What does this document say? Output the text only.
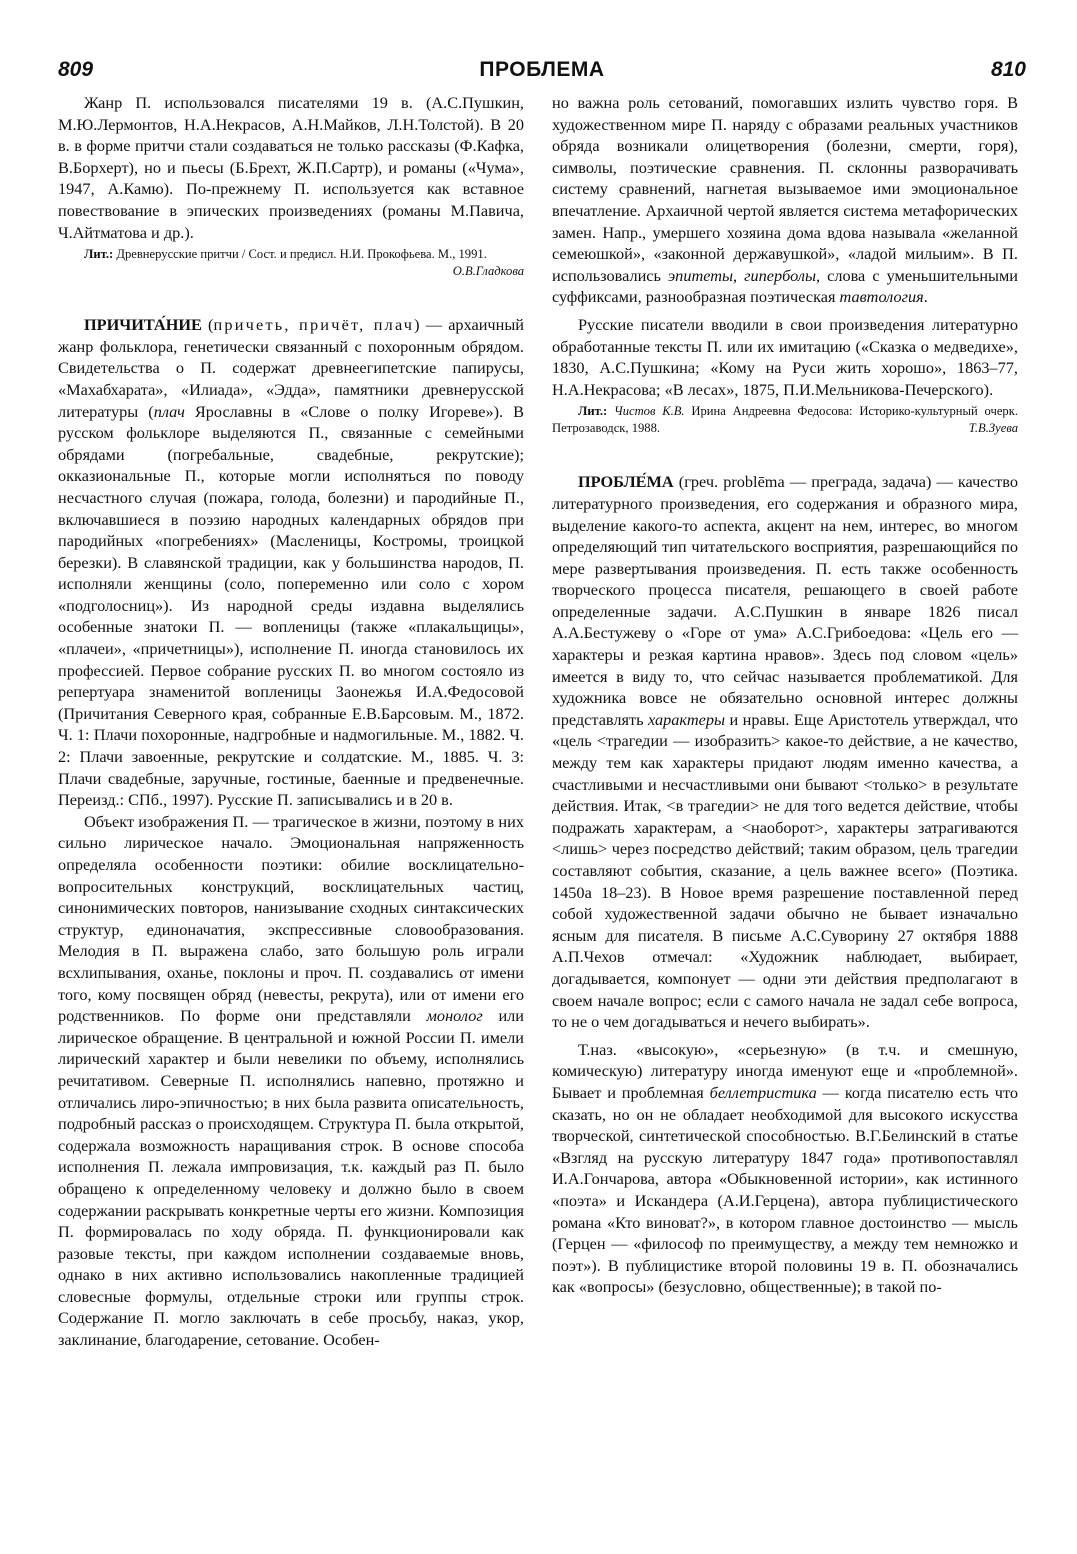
809	ПРОБЛЕМА	810

Жанр П. использовался писателями 19 в. (А.С.Пушкин, М.Ю.Лермонтов, Н.А.Некрасов, А.Н.Майков, Л.Н.Толстой). В 20 в. в форме притчи стали создаваться не только рассказы (Ф.Кафка, В.Борхерт), но и пьесы (Б.Брехт, Ж.П.Сартр), и романы («Чума», 1947, А.Камю). По-прежнему П. используется как вставное повествование в эпических произведениях (романы М.Павича, Ч.Айтматова и др.).

Лит.: Древнерусские притчи / Сост. и предисл. Н.И. Прокофьева. М., 1991.
О.В.Гладкова

ПРИЧИТА́НИЕ (причеть, причёт, плач) — архаичный жанр фольклора, генетически связанный с похоронным обрядом. Свидетельства о П. содержат древнеегипетские папирусы, «Махабхарата», «Илиада», «Эдда», памятники древнерусской литературы (плач Ярославны в «Слове о полку Игореве»). В русском фольклоре выделяются П., связанные с семейными обрядами (погребальные, свадебные, рекрутские); окказиональные П., которые могли исполняться по поводу несчастного случая (пожара, голода, болезни) и пародийные П., включавшиеся в поэзию народных календарных обрядов при пародийных «погребениях» (Масленицы, Костромы, троицкой березки). В славянской традиции, как у большинства народов, П. исполняли женщины (соло, попеременно или соло с хором «подголосниц»). Из народной среды издавна выделялись особенные знатоки П. — вопленицы (также «плакальщицы», «плачеи», «причетницы»), исполнение П. иногда становилось их профессией. Первое собрание русских П. во многом состояло из репертуара знаменитой вопленицы Заонежья И.А.Федосовой (Причитания Северного края, собранные Е.В.Барсовым. М., 1872. Ч. 1: Плачи похоронные, надгробные и надмогильные. М., 1882. Ч. 2: Плачи завоенные, рекрутские и солдатские. М., 1885. Ч. 3: Плачи свадебные, заручные, гостиные, баенные и предвенечные. Переизд.: СПб., 1997). Русские П. записывались и в 20 в.

Объект изображения П. — трагическое в жизни, поэтому в них сильно лирическое начало. Эмоциональная напряженность определяла особенности поэтики: обилие восклицательно-вопросительных конструкций, восклицательных частиц, синонимических повторов, нанизывание сходных синтаксических структур, единоначатия, экспрессивные словообразования. Мелодия в П. выражена слабо, зато большую роль играли всхлипывания, оханье, поклоны и проч. П. создавались от имени того, кому посвящен обряд (невесты, рекрута), или от имени его родственников. По форме они представляли монолог или лирическое обращение. В центральной и южной России П. имели лирический характер и были невелики по объему, исполнялись речитативом. Северные П. исполнялись напевно, протяжно и отличались лиро-эпичностью; в них была развита описательность, подробный рассказ о происходящем. Структура П. была открытой, содержала возможность наращивания строк. В основе способа исполнения П. лежала импровизация, т.к. каждый раз П. было обращено к определенному человеку и должно было в своем содержании раскрывать конкретные черты его жизни. Композиция П. формировалась по ходу обряда. П. функционировали как разовые тексты, при каждом исполнении создаваемые вновь, однако в них активно использовались накопленные традицией словесные формулы, отдельные строки или группы строк. Содержание П. могло заключать в себе просьбу, наказ, укор, заклинание, благодарение, сетование. Особен-

но важна роль сетований, помогавших излить чувство горя. В художественном мире П. наряду с образами реальных участников обряда возникали олицетворения (болезни, смерти, горя), символы, поэтические сравнения. П. склонны разворачивать систему сравнений, нагнетая вызываемое ими эмоциональное впечатление. Архаичной чертой является система метафорических замен. Напр., умершего хозяина дома вдова называла «желанной семеюшкой», «законной державушкой», «ладой милыим». В П. использовались эпитеты, гиперболы, слова с уменьшительными суффиксами, разнообразная поэтическая тавтология.

Русские писатели вводили в свои произведения литературно обработанные тексты П. или их имитацию («Сказка о медведихе», 1830, А.С.Пушкина; «Кому на Руси жить хорошо», 1863–77, Н.А.Некрасова; «В лесах», 1875, П.И.Мельникова-Печерского).

Лит.: Чистов К.В. Ирина Андреевна Федосова: Историко-культурный очерк. Петрозаводск, 1988.	Т.В.Зуева

ПРОБЛЕ́МА (греч. problēma — преграда, задача) — качество литературного произведения, его содержания и образного мира, выделение какого-то аспекта, акцент на нем, интерес, во многом определяющий тип читательского восприятия, разрешающийся по мере развертывания произведения. П. есть также особенность творческого процесса писателя, решающего в своей работе определенные задачи. А.С.Пушкин в январе 1826 писал А.А.Бестужеву о «Горе от ума» А.С.Грибоедова: «Цель его — характеры и резкая картина нравов». Здесь под словом «цель» имеется в виду то, что сейчас называется проблематикой. Для художника вовсе не обязательно основной интерес должны представлять характеры и нравы. Еще Аристотель утверждал, что «цель <трагедии — изобразить> какое-то действие, а не качество, между тем как характеры придают людям именно качества, а счастливыми и несчастливыми они бывают <только> в результате действия. Итак, <в трагедии> не для того ведется действие, чтобы подражать характерам, а <наоборот>, характеры затрагиваются <лишь> через посредство действий; таким образом, цель трагедии составляют события, сказание, а цель важнее всего» (Поэтика. 1450а 18–23). В Новое время разрешение поставленной перед собой художественной задачи обычно не бывает изначально ясным для писателя. В письме А.С.Суворину 27 октября 1888 А.П.Чехов отмечал: «Художник наблюдает, выбирает, догадывается, компонует — одни эти действия предполагают в своем начале вопрос; если с самого начала не задал себе вопроса, то не о чем догадываться и нечего выбирать».

Т.наз. «высокую», «серьезную» (в т.ч. и смешную, комическую) литературу иногда именуют еще и «проблемной». Бывает и проблемная беллетристика — когда писателю есть что сказать, но он не обладает необходимой для высокого искусства творческой, синтетической способностью. В.Г.Белинский в статье «Взгляд на русскую литературу 1847 года» противопоставлял И.А.Гончарова, автора «Обыкновенной истории», как истинного «поэта» и Искандера (А.И.Герцена), автора публицистического романа «Кто виноват?», в котором главное достоинство — мысль (Герцен — «философ по преимуществу, а между тем немножко и поэт»). В публицистике второй половины 19 в. П. обозначались как «вопросы» (безусловно, общественные); в такой по-
